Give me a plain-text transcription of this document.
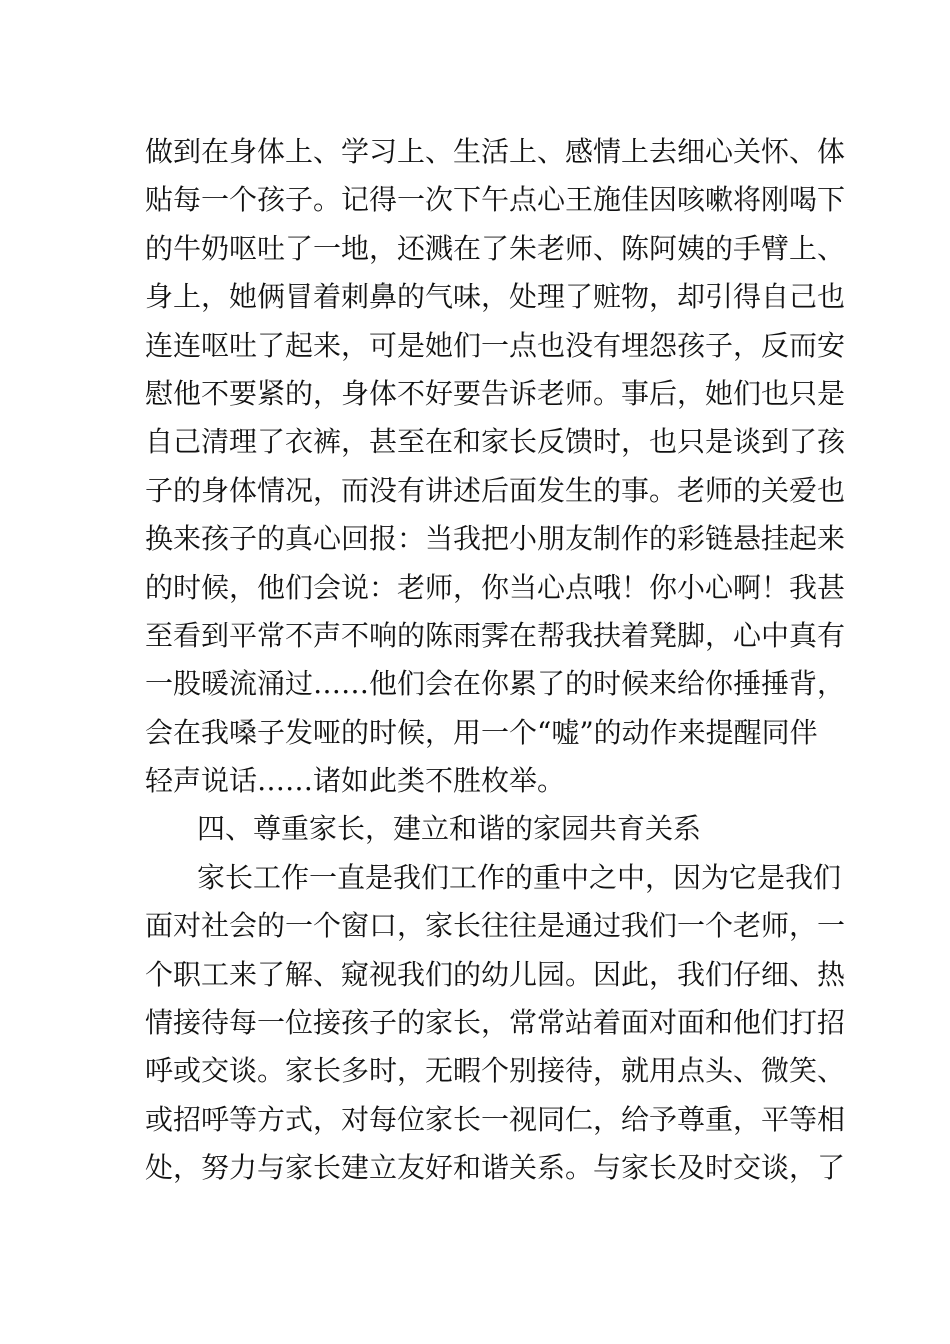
做到在身体上、学习上、生活上、感情上去细心关怀、体
贴每一个孩子。记得一次下午点心王施佳因咳嗽将刚喝下
的牛奶呕吐了一地，还溅在了朱老师、陈阿姨的手臂上、
身上，她俩冒着刺鼻的气味，处理了赃物，却引得自己也
连连呕吐了起来，可是她们一点也没有埋怨孩子，反而安
慰他不要紧的，身体不好要告诉老师。事后，她们也只是
自己清理了衣裤，甚至在和家长反馈时，也只是谈到了孩
子的身体情况，而没有讲述后面发生的事。老师的关爱也
换来孩子的真心回报：当我把小朋友制作的彩链悬挂起来
的时候，他们会说：老师，你当心点哦！你小心啊！我甚
至看到平常不声不响的陈雨霁在帮我扶着凳脚，心中真有
一股暖流涌过……他们会在你累了的时候来给你捶捶背，
会在我嗓子发哑的时候，用一个“嘘”的动作来提醒同伴
轻声说话……诸如此类不胜枚举。
四、尊重家长，建立和谐的家园共育关系
家长工作一直是我们工作的重中之中，因为它是我们
面对社会的一个窗口，家长往往是通过我们一个老师，一
个职工来了解、窥视我们的幼儿园。因此，我们仔细、热
情接待每一位接孩子的家长，常常站着面对面和他们打招
呼或交谈。家长多时，无暇个别接待，就用点头、微笑、
或招呼等方式，对每位家长一视同仁，给予尊重，平等相
处，努力与家长建立友好和谐关系。与家长及时交谈，了
